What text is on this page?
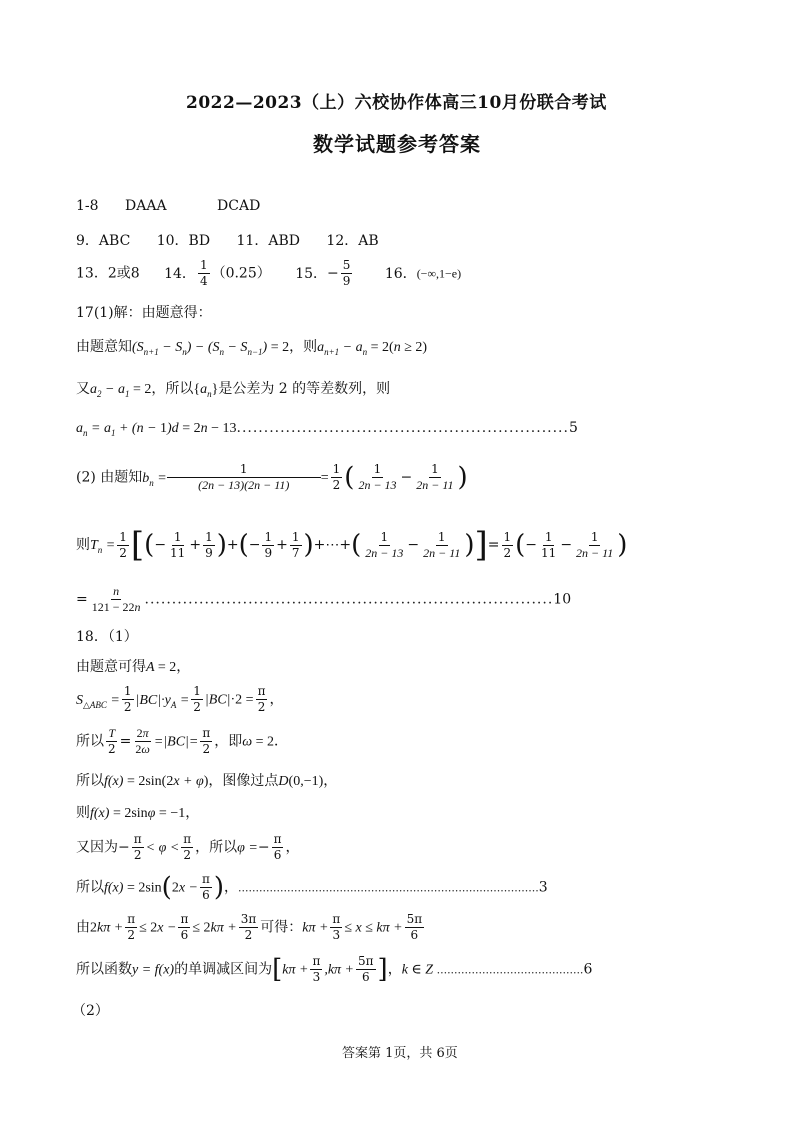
2022—2023（上）六校协作体高三10月份联合考试
数学试题参考答案
1-8 DAAA	DCAD
9．ABC 10．BD 11．ABD 12．AB
13．2或8 14． $\frac{1}{4} (0.25)$ 15．− $\frac{5}{9} 16$．(−∞,1−e)
17(1)解：由题意得：
由题意知$(S_{n+1} - S_n) - (S_n - S_{n-1}) = 2$，则$a_{n+1} - a_n = 2(n \ge 2)$
又$a_2 - a_1 = 2$，所以$\{a_n\}$是公差为 2 的等差数列，则
$a_n = a_1 + (n - 1)d = 2n - 13.............................................................5$
(2) 由题知$b_n = \frac{1}{(2n - 13)(2n - 11)} = \frac{1}{2}$ ( $\frac{1}{2n - 13} - \frac{1}{2n - 11}$ )
则$T_n = \frac{1}{2}$ [(− $\frac{1}{11} + \frac{1}{9}$ )+(− $\frac{1}{9} + \frac{1}{7}$ )+⋯+( $\frac{1}{2n - 13} - \frac{1}{2n - 11}$ )]= $\frac{1}{2}$ (− $\frac{1}{11} - \frac{1}{2n - 11}$ )
= $\frac{n}{121 - 22n} ...........................................................................10$
18．（1）
由题意可得A = 2，
$S_{\triangle ABC} = \frac{1}{2} |BC|\cdot y_A = \frac{1}{2} |BC|\cdot 2 = \frac{\pi}{2}$ ，
所以 $\frac{T}{2} = \frac{2\pi}{2\omega} =|BC|= \frac{\pi}{2}$ ，即ω = 2．
所以f(x) = 2sin(2x + φ)，图像过点D(0,−1)，
则f(x) = 2sinφ = −1，
又因为− $\frac{\pi}{2} < \varphi < \frac{\pi}{2}$ ，所以$\varphi =- \frac{\pi}{6}$ ，
所以$f(x) = 2\sin(2x - \frac{\pi}{6}$ )，......................................................................................3
由$2k\pi + \frac{\pi}{2} \le 2x - \frac{\pi}{6} \le 2k\pi + \frac{3\pi}{2}$ 可得：$k\pi + \frac{\pi}{3} \le x \le k\pi + \frac{5\pi}{6}$
所以函数y = f(x)的单调减区间为[$k\pi + \frac{\pi}{3} ,k\pi + \frac{5\pi}{6}$ ]，k ∈ Z ..........................................6
（2）
答案第 1页，共 6页
